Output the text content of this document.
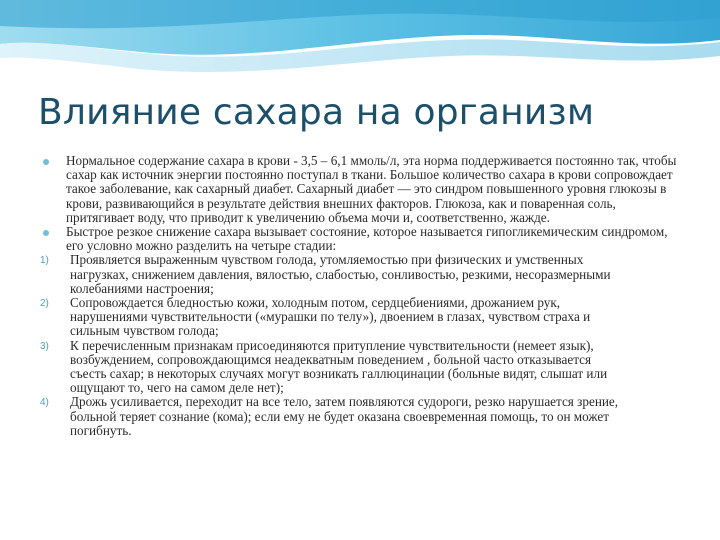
Влияние сахара на организм
Нормальное содержание сахара в крови - 3,5 – 6,1 ммоль/л, эта норма поддерживается постоянно так, чтобы сахар как источник энергии постоянно поступал в ткани. Большое количество сахара в крови сопровождает такое заболевание, как сахарный диабет. Сахарный диабет — это синдром повышенного уровня глюкозы в крови, развивающийся в результате действия внешних факторов. Глюкоза, как и поваренная соль, притягивает воду, что приводит к увеличению объема мочи и, соответственно, жажде.
Быстрое резкое снижение сахара вызывает состояние, которое называется гипогликемическим синдромом, его условно можно разделить на четыре стадии:
1)	Проявляется выраженным чувством голода, утомляемостью при физических и умственных нагрузках, снижением давления, вялостью, слабостью, сонливостью, резкими, несоразмерными колебаниями настроения;
2)	Сопровождается бледностью кожи, холодным потом, сердцебиениями, дрожанием рук, нарушениями чувствительности («мурашки по телу»), двоением в глазах, чувством страха и сильным чувством голода;
3)	К перечисленным признакам присоединяются притупление чувствительности (немеет язык), возбуждением, сопровождающимся неадекватным поведением , больной часто отказывается съесть сахар; в некоторых случаях могут возникать галлюцинации (больные видят, слышат или ощущают то, чего на самом деле нет);
4)	Дрожь усиливается, переходит на все тело, затем появляются судороги, резко нарушается зрение, больной теряет сознание (кома); если ему не будет оказана своевременная помощь, то он может погибнуть.
